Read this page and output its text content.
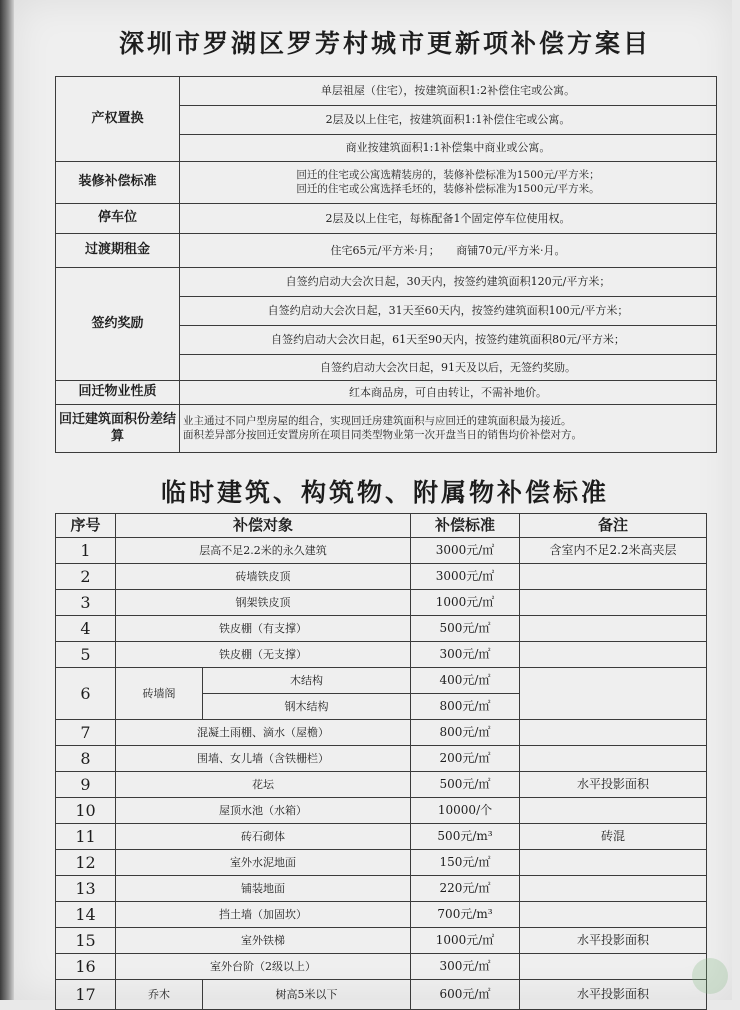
深圳市罗湖区罗芳村城市更新项补偿方案目
产权置换	单层祖屋（住宅），按建筑面积1:2补偿住宅或公寓。
	2层及以上住宅，按建筑面积1:1补偿住宅或公寓。
	商业按建筑面积1:1补偿集中商业或公寓。
装修补偿标准	回迁的住宅或公寓选精装房的，装修补偿标准为1500元/平方米；
回迁的住宅或公寓选择毛坯的，装修补偿标准为1500元/平方米。
停车位	2层及以上住宅，每栋配备1个固定停车位使用权。
过渡期租金	住宅65元/平方米·月；　　商铺70元/平方米·月。
签约奖励	自签约启动大会次日起，30天内，按签约建筑面积120元/平方米；
	自签约启动大会次日起，31天至60天内，按签约建筑面积100元/平方米；
	自签约启动大会次日起，61天至90天内，按签约建筑面积80元/平方米；
	自签约启动大会次日起，91天及以后，无签约奖励。
回迁物业性质	红本商品房，可自由转让，不需补地价。
回迁建筑面积份差结算	业主通过不同户型房屋的组合，实现回迁房建筑面积与应回迁的建筑面积最为接近。
面积差异部分按回迁安置房所在项目同类型物业第一次开盘当日的销售均价补偿对方。
临时建筑、构筑物、附属物补偿标准
序号	补偿对象		补偿标准	备注
1	层高不足2.2米的永久建筑		3000元/㎡	含室内不足2.2米高夹层
2	砖墙铁皮顶		3000元/㎡	
3	钢架铁皮顶		1000元/㎡	
4	铁皮棚（有支撑）		500元/㎡	
5	铁皮棚（无支撑）		300元/㎡	
6	砖墙阁	木结构	400元/㎡	
		钢木结构	800元/㎡	
7	混凝土雨棚、滴水（屋檐）		800元/㎡	
8	围墙、女儿墙（含铁栅栏）		200元/㎡	
9	花坛		500元/㎡	水平投影面积
10	屋顶水池（水箱）		10000/个	
11	砖石砌体		500元/m³	砖混
12	室外水泥地面		150元/㎡	
13	铺装地面		220元/㎡	
14	挡土墙（加固坎）		700元/m³	
15	室外铁梯		1000元/㎡	水平投影面积
16	室外台阶（2级以上）		300元/㎡	
17	乔木	树高5米以下	600元/㎡	水平投影面积
